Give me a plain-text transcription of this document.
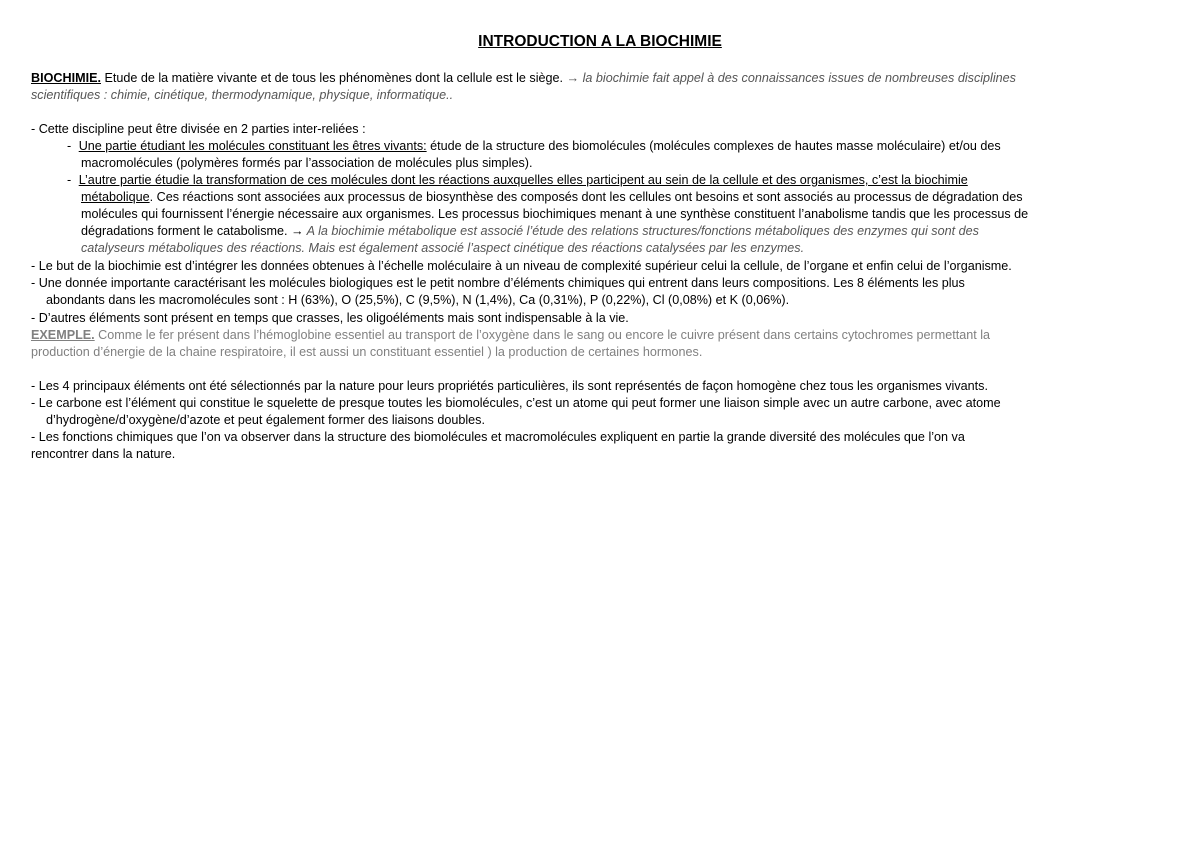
INTRODUCTION A LA BIOCHIMIE
BIOCHIMIE. Etude de la matière vivante et de tous les phénomènes dont la cellule est le siège. → la biochimie fait appel à des connaissances issues de nombreuses disciplines
scientifiques : chimie, cinétique, thermodynamique, physique, informatique..
- Cette discipline peut être divisée en 2 parties inter-reliées :
- Une partie étudiant les molécules constituant les êtres vivants: étude de la structure des biomolécules (molécules complexes de hautes masse moléculaire) et/ou des
macromolécules (polymères formés par l’association de molécules plus simples).
- L’autre partie étudie la transformation de ces molécules dont les réactions auxquelles elles participent au sein de la cellule et des organismes, c’est la biochimie
métabolique. Ces réactions sont associées aux processus de biosynthèse des composés dont les cellules ont besoins et sont associés au processus de dégradation des
molécules qui fournissent l’énergie nécessaire aux organismes. Les processus biochimiques menant à une synthèse constituent l’anabolisme tandis que les processus de
dégradations forment le catabolisme. → A la biochimie métabolique est associé l’étude des relations structures/fonctions métaboliques des enzymes qui sont des
catalyseurs métaboliques des réactions. Mais est également associé l’aspect cinétique des réactions catalysées par les enzymes.
- Le but de la biochimie est d’intégrer les données obtenues à l’échelle moléculaire à un niveau de complexité supérieur celui la cellule, de l’organe et enfin celui de l’organisme.
- Une donnée importante caractérisant les molécules biologiques est le petit nombre d’éléments chimiques qui entrent dans leurs compositions. Les 8 éléments les plus
abondants dans les macromolécules sont : H (63%), O (25,5%), C (9,5%), N (1,4%), Ca (0,31%), P (0,22%), Cl (0,08%) et K (0,06%).
- D’autres éléments sont présent en temps que crasses, les oligoéléments mais sont indispensable à la vie.
EXEMPLE. Comme le fer présent dans l’hémoglobine essentiel au transport de l’oxygène dans le sang ou encore le cuivre présent dans certains cytochromes permettant la
production d’énergie de la chaine respiratoire, il est aussi un constituant essentiel ) la production de certaines hormones.
- Les 4 principaux éléments ont été sélectionnés par la nature pour leurs propriétés particulières, ils sont représentés de façon homogène chez tous les organismes vivants.
- Le carbone est l’élément qui constitue le squelette de presque toutes les biomolécules, c’est un atome qui peut former une liaison simple avec un autre carbone, avec atome
d’hydrogène/d’oxygène/d’azote et peut également former des liaisons doubles.
- Les fonctions chimiques que l’on va observer dans la structure des biomolécules et macromolécules expliquent en partie la grande diversité des molécules que l’on va
rencontrer dans la nature.
